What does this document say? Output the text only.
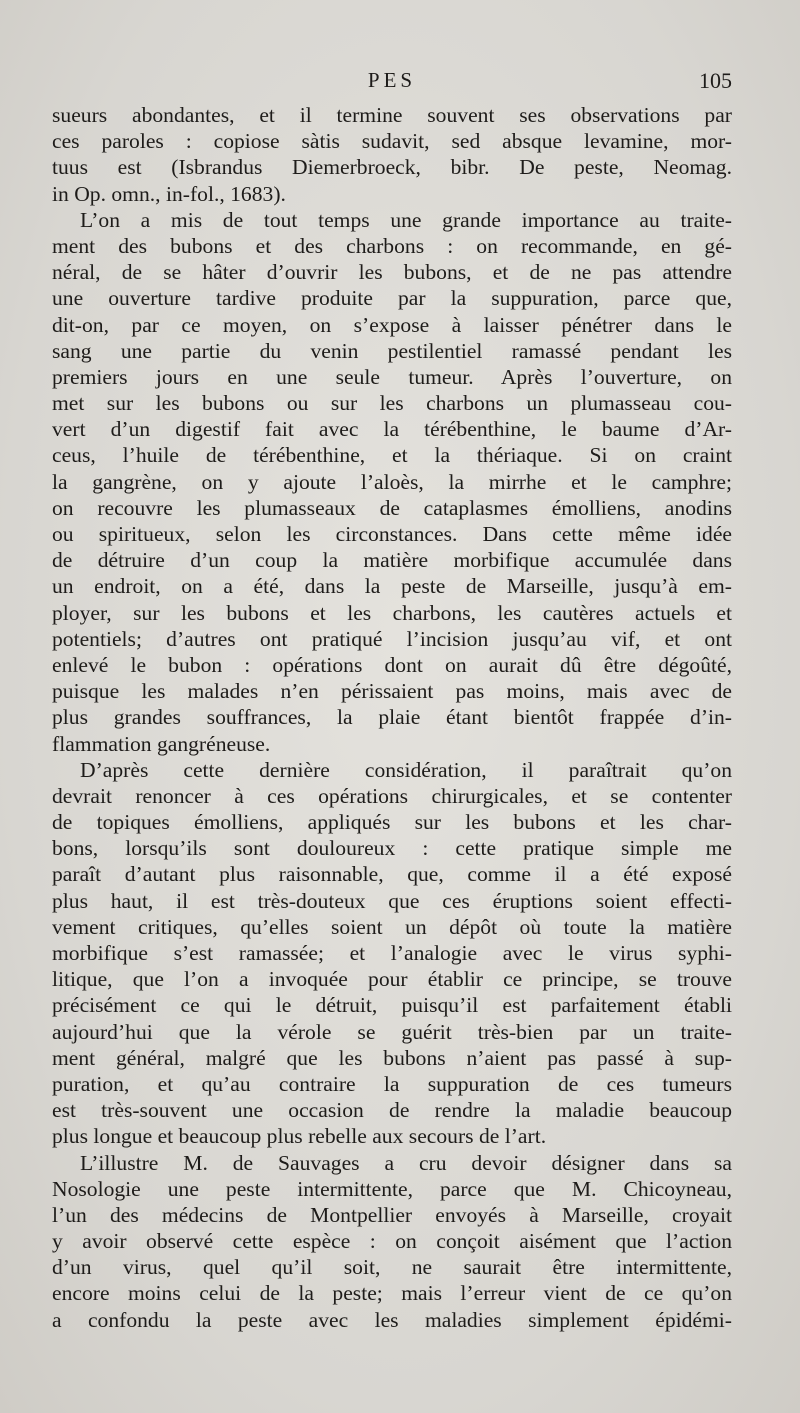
PES	105
sueurs abondantes, et il termine souvent ses observations par
ces paroles : copiose sàtis sudavit, sed absque levamine, mor-
tuus est (Isbrandus Diemerbroeck, bibr. De peste, Neomag.
in Op. omn., in-fol., 1683).
L’on a mis de tout temps une grande importance au traite-
ment des bubons et des charbons : on recommande, en gé-
néral, de se hâter d’ouvrir les bubons, et de ne pas attendre
une ouverture tardive produite par la suppuration, parce que,
dit-on, par ce moyen, on s’expose à laisser pénétrer dans le
sang une partie du venin pestilentiel ramassé pendant les
premiers jours en une seule tumeur. Après l’ouverture, on
met sur les bubons ou sur les charbons un plumasseau cou-
vert d’un digestif fait avec la térébenthine, le baume d’Ar-
ceus, l’huile de térébenthine, et la thériaque. Si on craint
la gangrène, on y ajoute l’aloès, la mirrhe et le camphre;
on recouvre les plumasseaux de cataplasmes émolliens, anodins
ou spiritueux, selon les circonstances. Dans cette même idée
de détruire d’un coup la matière morbifique accumulée dans
un endroit, on a été, dans la peste de Marseille, jusqu’à em-
ployer, sur les bubons et les charbons, les cautères actuels et
potentiels; d’autres ont pratiqué l’incision jusqu’au vif, et ont
enlevé le bubon : opérations dont on aurait dû être dégoûté,
puisque les malades n’en périssaient pas moins, mais avec de
plus grandes souffrances, la plaie étant bientôt frappée d’in-
flammation gangréneuse.
D’après cette dernière considération, il paraîtrait qu’on
devrait renoncer à ces opérations chirurgicales, et se contenter
de topiques émolliens, appliqués sur les bubons et les char-
bons, lorsqu’ils sont douloureux : cette pratique simple me
paraît d’autant plus raisonnable, que, comme il a été exposé
plus haut, il est très-douteux que ces éruptions soient effecti-
vement critiques, qu’elles soient un dépôt où toute la matière
morbifique s’est ramassée; et l’analogie avec le virus syphi-
litique, que l’on a invoquée pour établir ce principe, se trouve
précisément ce qui le détruit, puisqu’il est parfaitement établi
aujourd’hui que la vérole se guérit très-bien par un traite-
ment général, malgré que les bubons n’aient pas passé à sup-
puration, et qu’au contraire la suppuration de ces tumeurs
est très-souvent une occasion de rendre la maladie beaucoup
plus longue et beaucoup plus rebelle aux secours de l’art.
L’illustre M. de Sauvages a cru devoir désigner dans sa
Nosologie une peste intermittente, parce que M. Chicoyneau,
l’un des médecins de Montpellier envoyés à Marseille, croyait
y avoir observé cette espèce : on conçoit aisément que l’action
d’un virus, quel qu’il soit, ne saurait être intermittente,
encore moins celui de la peste; mais l’erreur vient de ce qu’on
a confondu la peste avec les maladies simplement épidémi-
